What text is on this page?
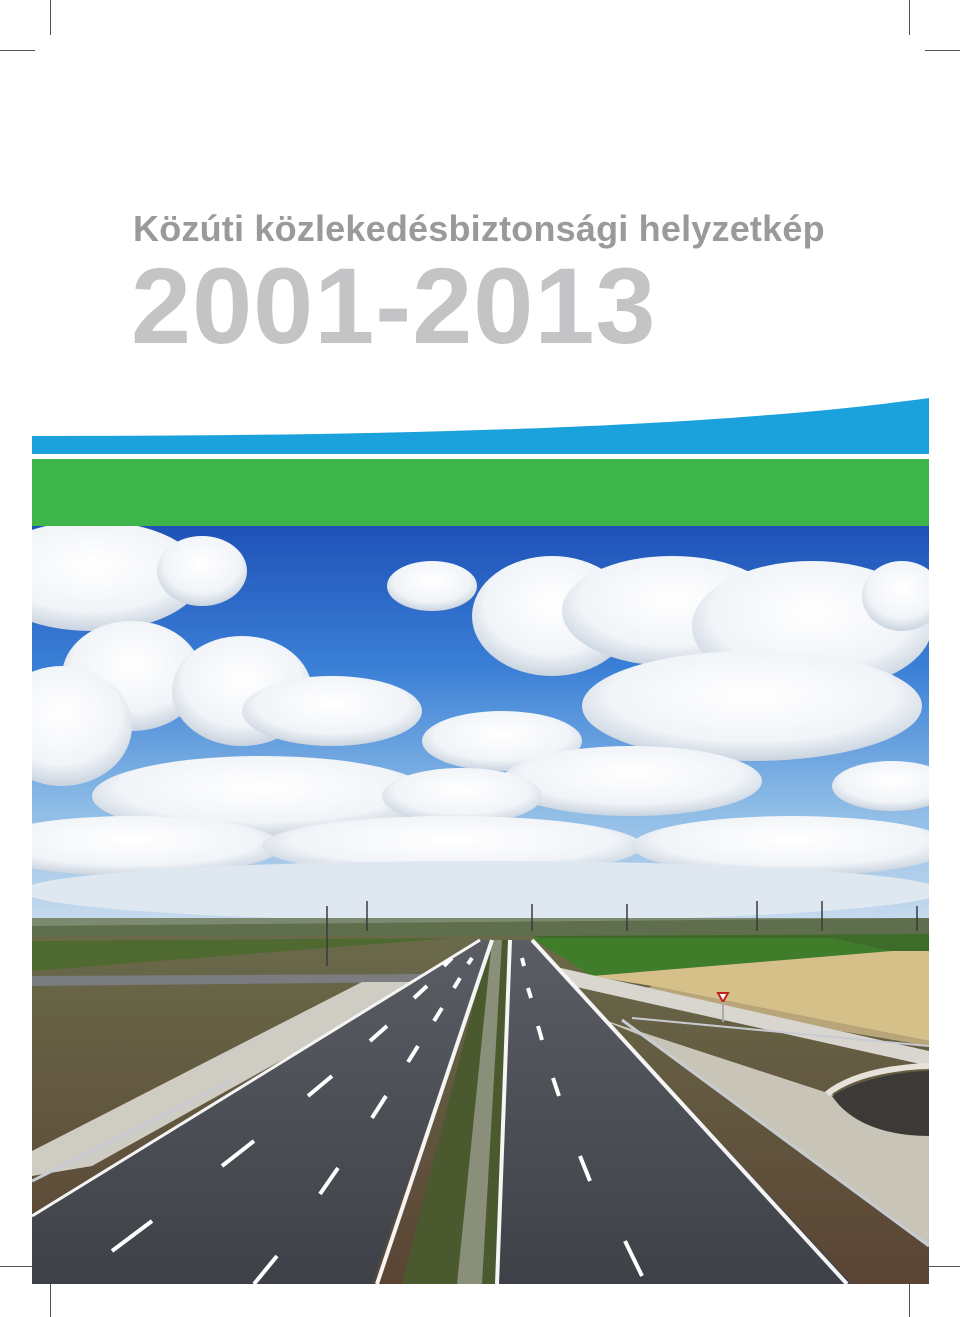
Közúti közlekedésbiztonsági helyzetkép
2001-2013
